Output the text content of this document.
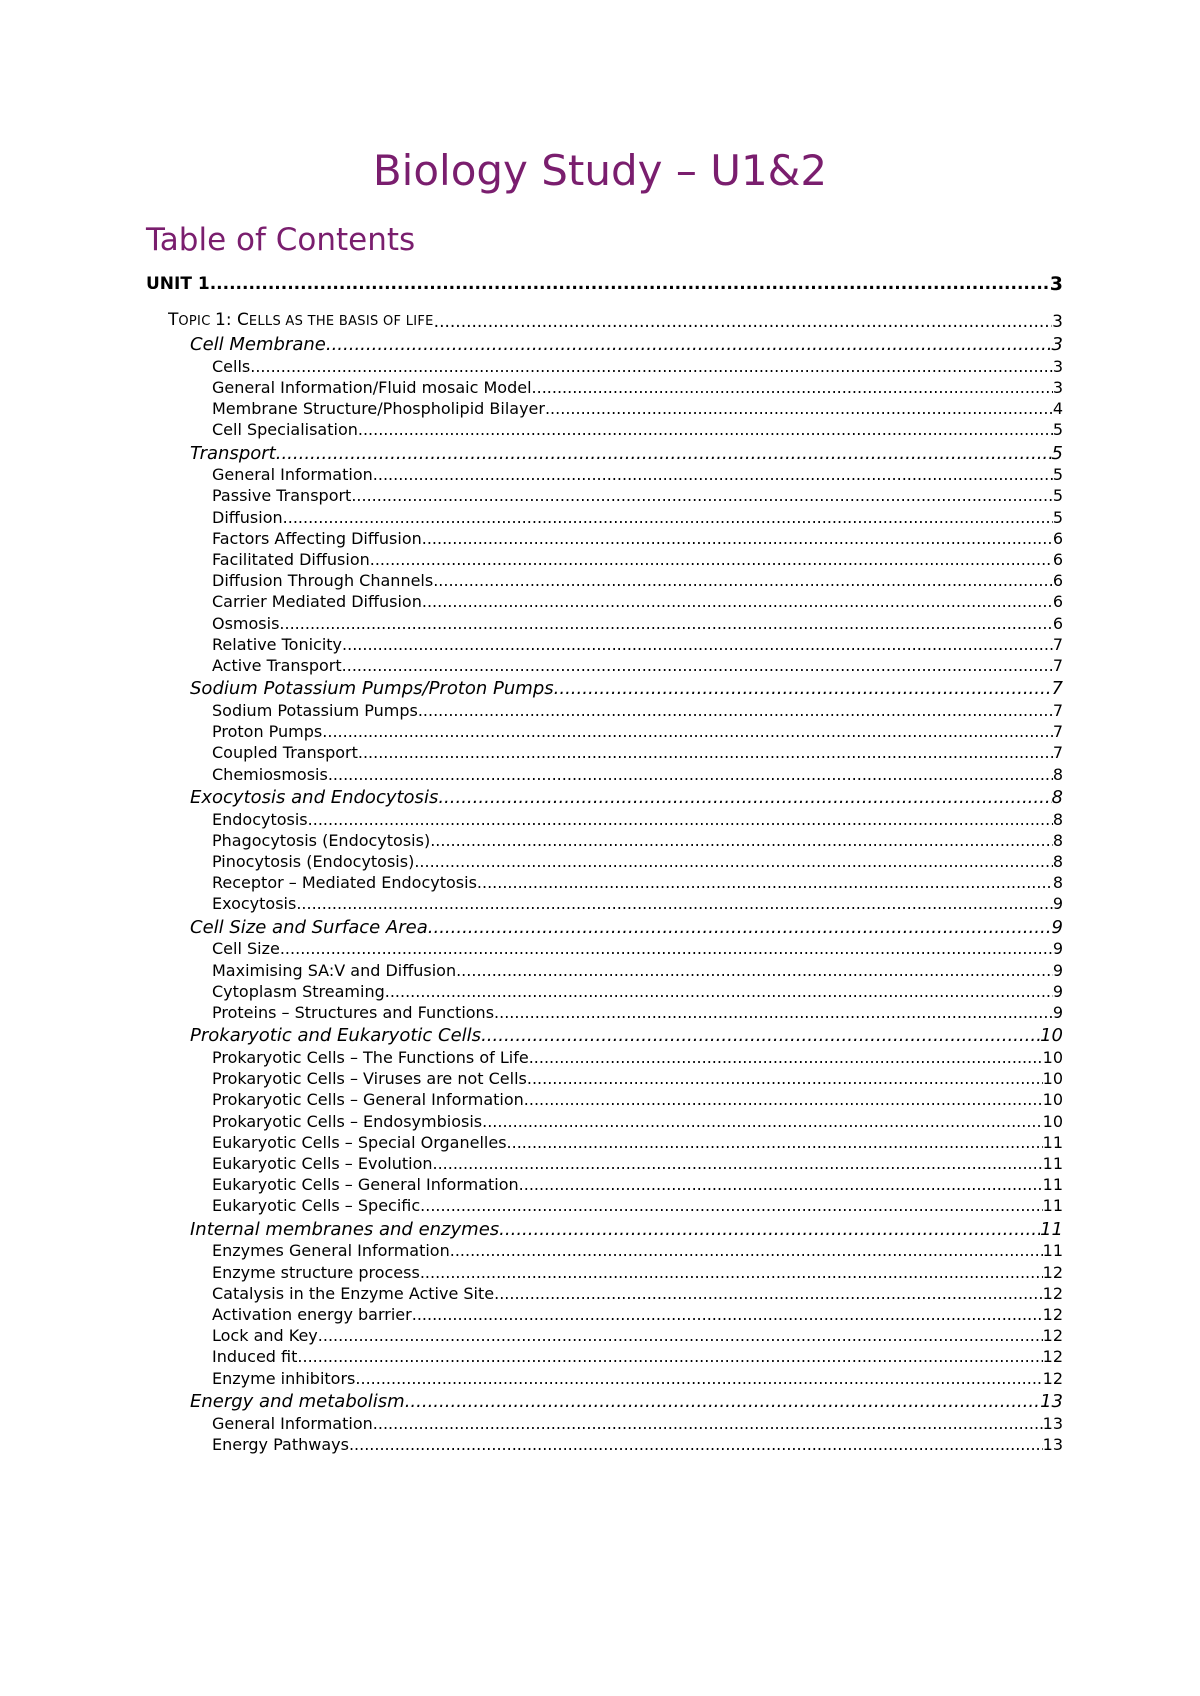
Biology Study – U1&2
Table of Contents
UNIT 1 .....	3
TOPIC 1: CELLS AS THE BASIS OF LIFE .....	3
Cell Membrane .....	3
Cells .....	3
General Information/Fluid mosaic Model .....	3
Membrane Structure/Phospholipid Bilayer .....	4
Cell Specialisation .....	5
Transport .....	5
General Information .....	5
Passive Transport .....	5
Diffusion .....	5
Factors Affecting Diffusion .....	6
Facilitated Diffusion .....	6
Diffusion Through Channels .....	6
Carrier Mediated Diffusion .....	6
Osmosis .....	6
Relative Tonicity .....	7
Active Transport .....	7
Sodium Potassium Pumps/Proton Pumps .....	7
Sodium Potassium Pumps .....	7
Proton Pumps .....	7
Coupled Transport .....	7
Chemiosmosis .....	8
Exocytosis and Endocytosis .....	8
Endocytosis .....	8
Phagocytosis (Endocytosis) .....	8
Pinocytosis (Endocytosis) .....	8
Receptor – Mediated Endocytosis .....	8
Exocytosis .....	9
Cell Size and Surface Area .....	9
Cell Size .....	9
Maximising SA:V and Diffusion .....	9
Cytoplasm Streaming .....	9
Proteins – Structures and Functions .....	9
Prokaryotic and Eukaryotic Cells .....	10
Prokaryotic Cells – The Functions of Life .....	10
Prokaryotic Cells – Viruses are not Cells .....	10
Prokaryotic Cells – General Information .....	10
Prokaryotic Cells – Endosymbiosis .....	10
Eukaryotic Cells – Special Organelles .....	11
Eukaryotic Cells – Evolution .....	11
Eukaryotic Cells – General Information .....	11
Eukaryotic Cells – Specific .....	11
Internal membranes and enzymes .....	11
Enzymes General Information .....	11
Enzyme structure process .....	12
Catalysis in the Enzyme Active Site .....	12
Activation energy barrier .....	12
Lock and Key .....	12
Induced fit .....	12
Enzyme inhibitors .....	12
Energy and metabolism .....	13
General Information .....	13
Energy Pathways .....	13
